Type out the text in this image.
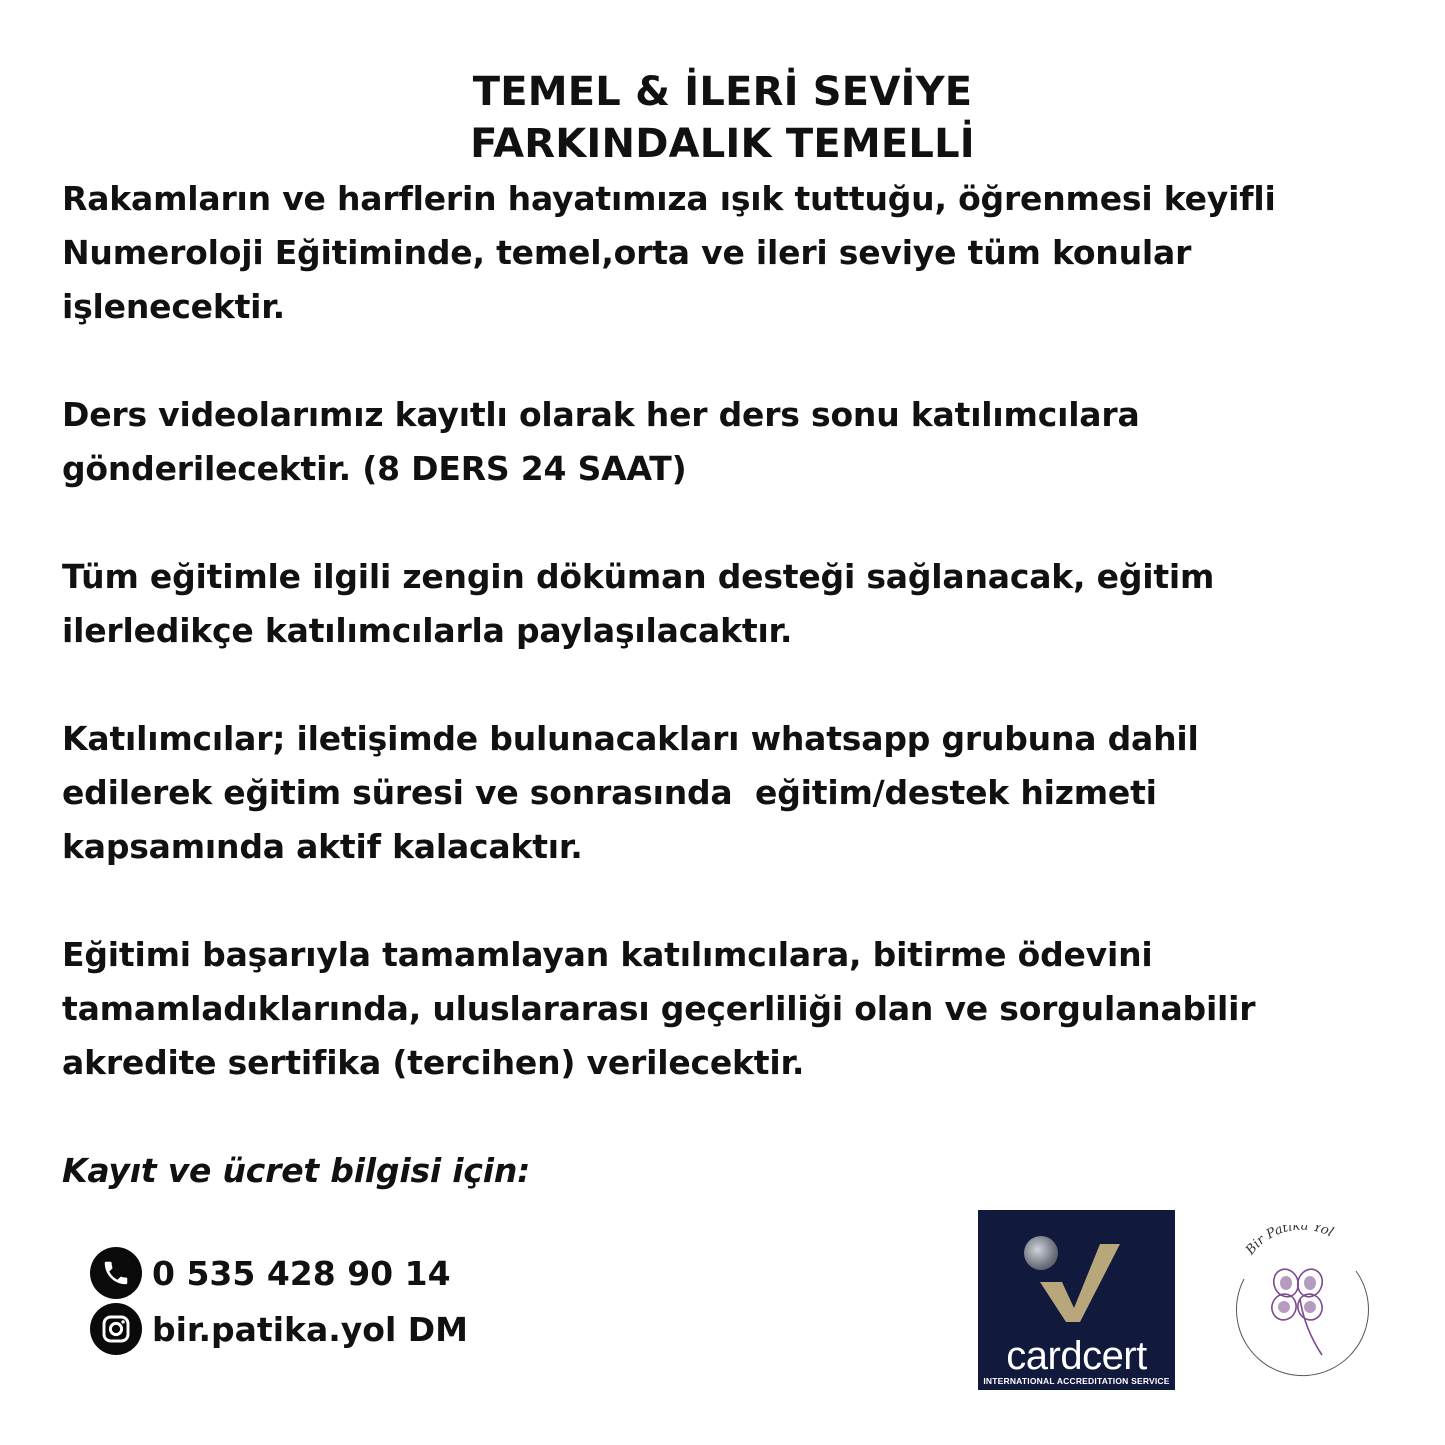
TEMEL & İLERİ SEVİYE
FARKINDALIK TEMELLİ
Rakamların ve harflerin hayatımıza ışık tuttuğu, öğrenmesi keyifli
Numeroloji Eğitiminde, temel,orta ve ileri seviye tüm konular
işlenecektir.
Ders videolarımız kayıtlı olarak her ders sonu katılımcılara
gönderilecektir. (8 DERS 24 SAAT)
Tüm eğitimle ilgili zengin döküman desteği sağlanacak, eğitim
ilerledikçe katılımcılarla paylaşılacaktır.
Katılımcılar; iletişimde bulunacakları whatsapp grubuna dahil
edilerek eğitim süresi ve sonrasında  eğitim/destek hizmeti
kapsamında aktif kalacaktır.
Eğitimi başarıyla tamamlayan katılımcılara, bitirme ödevini
tamamladıklarında, uluslararası geçerliliği olan ve sorgulanabilir
akredite sertifika (tercihen) verilecektir.
Kayıt ve ücret bilgisi için:
0 535 428 90 14
bir.patika.yol DM
cardcert
INTERNATIONAL ACCREDITATION SERVICE
Bir Patika Yol
